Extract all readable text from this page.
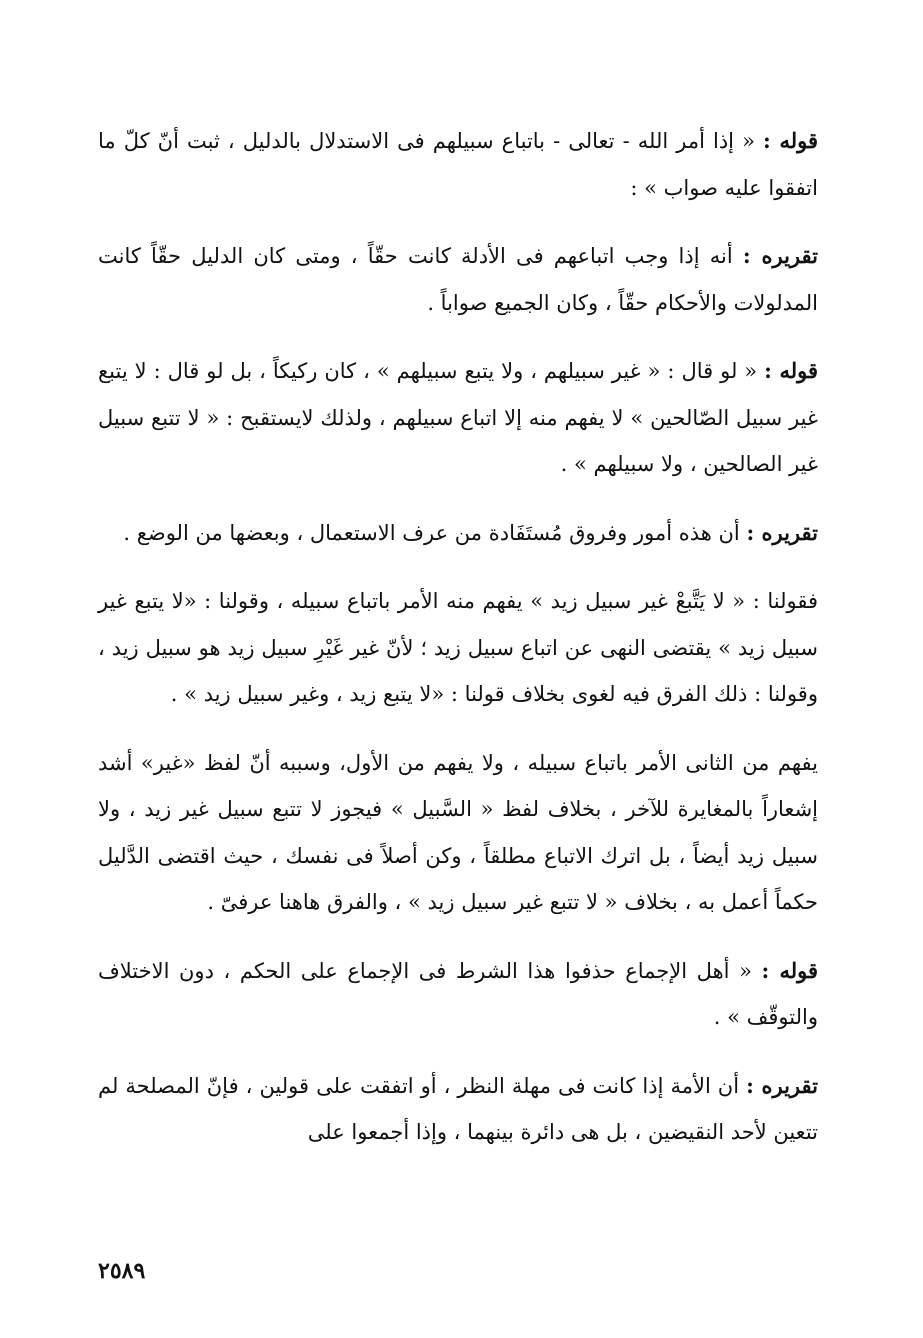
قوله : « إذا أمر الله - تعالى - باتباع سبيلهم فى الاستدلال بالدليل ، ثبت أنّ كلّ ما اتفقوا عليه صواب » :

تقريره : أنه إذا وجب اتباعهم فى الأدلة كانت حقّاً ، ومتى كان الدليل حقّاً كانت المدلولات والأحكام حقّاً ، وكان الجميع صواباً .

قوله : « لو قال : « غير سبيلهم ، ولا يتبع سبيلهم » ، كان ركيكاً ، بل لو قال : لا يتبع غير سبيل الصّالحين » لا يفهم منه إلا اتباع سبيلهم ، ولذلك لايستقبح : « لا تتبع سبيل غير الصالحين ، ولا سبيلهم » .

تقريره : أن هذه أمور وفروق مُستَفَادة من عرف الاستعمال ، وبعضها من الوضع .

فقولنا : « لا يَتَّبعْ غير سبيل زيد » يفهم منه الأمر باتباع سبيله ، وقولنا : «لا يتبع غير سبيل زيد » يقتضى النهى عن اتباع سبيل زيد ؛ لأنّ غير غَيْرِ سبيل زيد هو سبيل زيد ، وقولنا : ذلك الفرق فيه لغوى بخلاف قولنا : «لا يتبع زيد ، وغير سبيل زيد » .

يفهم من الثانى الأمر باتباع سبيله ، ولا يفهم من الأول، وسببه أنّ لفظ «غير» أشد إشعاراً بالمغايرة للآخر ، بخلاف لفظ « السَّبيل » فيجوز لا تتبع سبيل غير زيد ، ولا سبيل زيد أيضاً ، بل اترك الاتباع مطلقاً ، وكن أصلاً فى نفسك ، حيث اقتضى الدَّليل حكماً أعمل به ، بخلاف « لا تتبع غير سبيل زيد » ، والفرق هاهنا عرفىّ .

قوله : « أهل الإجماع حذفوا هذا الشرط فى الإجماع على الحكم ، دون الاختلاف والتوقّف » .

تقريره : أن الأمة إذا كانت فى مهلة النظر ، أو اتفقت على قولين ، فإنّ المصلحة لم تتعين لأحد النقيضين ، بل هى دائرة بينهما ، وإذا أجمعوا على

٢٥٨٩
